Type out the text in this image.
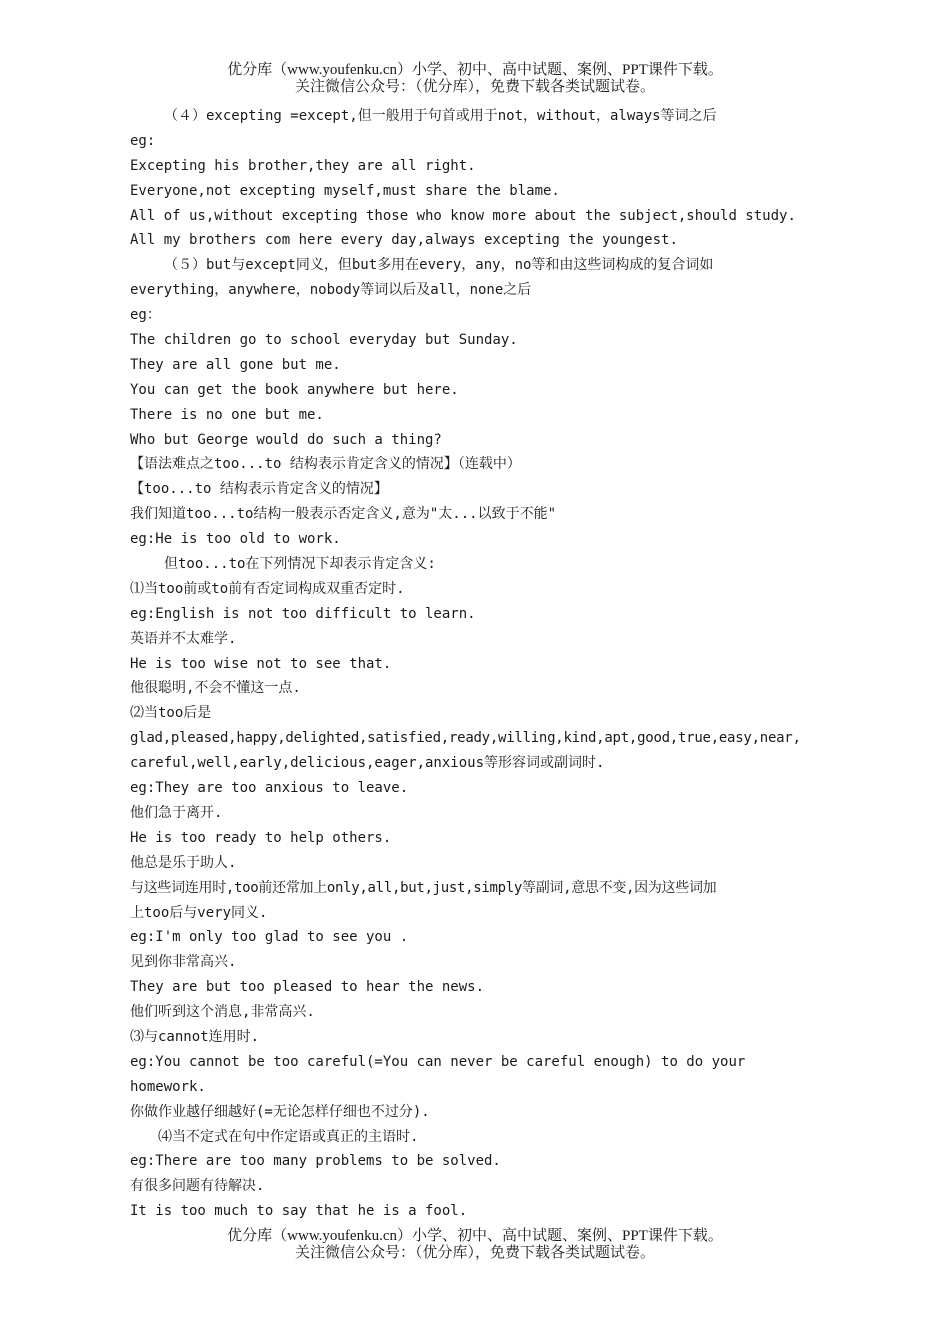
优分库（www.youfenku.cn）小学、初中、高中试题、案例、PPT课件下载。
关注微信公众号：（优分库），免费下载各类试题试卷。
（４）excepting =except,但一般用于句首或用于not，without，always等词之后
eg:
Excepting his brother,they are all right.
Everyone,not excepting myself,must share the blame.
All of us,without excepting those who know more about the subject,should study.
All my brothers com here every day,always excepting the youngest.
（５）but与except同义，但but多用在every，any，no等和由这些词构成的复合词如
everything，anywhere，nobody等词以后及all，none之后
eg：
The children go to school everyday but Sunday.
They are all gone but me.
You can get the book anywhere but here.
There is no one but me.
Who but George would do such a thing?
【语法难点之too...to 结构表示肯定含义的情况】（连载中）
【too...to 结构表示肯定含义的情况】
我们知道too...to结构一般表示否定含义,意为"太...以致于不能"
eg:He is too old to work.
但too...to在下列情况下却表示肯定含义:
⑴当too前或to前有否定词构成双重否定时.
eg:English is not too difficult to learn.
英语并不太难学.
He is too wise not to see that.
他很聪明,不会不懂这一点.
⑵当too后是
glad,pleased,happy,delighted,satisfied,ready,willing,kind,apt,good,true,easy,near,
careful,well,early,delicious,eager,anxious等形容词或副词时.
eg:They are too anxious to leave.
他们急于离开.
He is too ready to help others.
他总是乐于助人.
与这些词连用时,too前还常加上only,all,but,just,simply等副词,意思不变,因为这些词加
上too后与very同义.
eg:I'm only too glad to see you .
见到你非常高兴.
They are but too pleased to hear the news.
他们听到这个消息,非常高兴.
⑶与cannot连用时.
eg:You cannot be too careful(=You can never be careful enough) to do your
homework.
你做作业越仔细越好(=无论怎样仔细也不过分).
⑷当不定式在句中作定语或真正的主语时.
eg:There are too many problems to be solved.
有很多问题有待解决.
It is too much to say that he is a fool.
优分库（www.youfenku.cn）小学、初中、高中试题、案例、PPT课件下载。
关注微信公众号：（优分库），免费下载各类试题试卷。
